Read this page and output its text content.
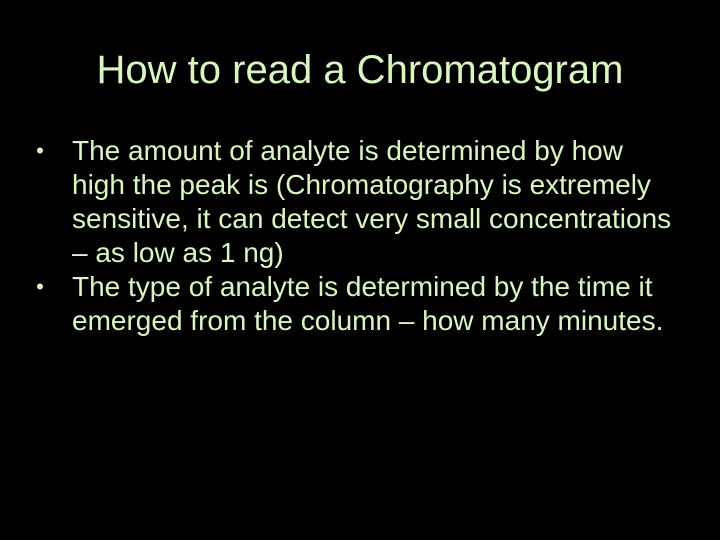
How to read a Chromatogram
• The amount of analyte is determined by how high the peak is (Chromatography is extremely sensitive, it can detect very small concentrations – as low as 1 ng)
• The type of analyte is determined by the time it emerged from the column – how many minutes.
